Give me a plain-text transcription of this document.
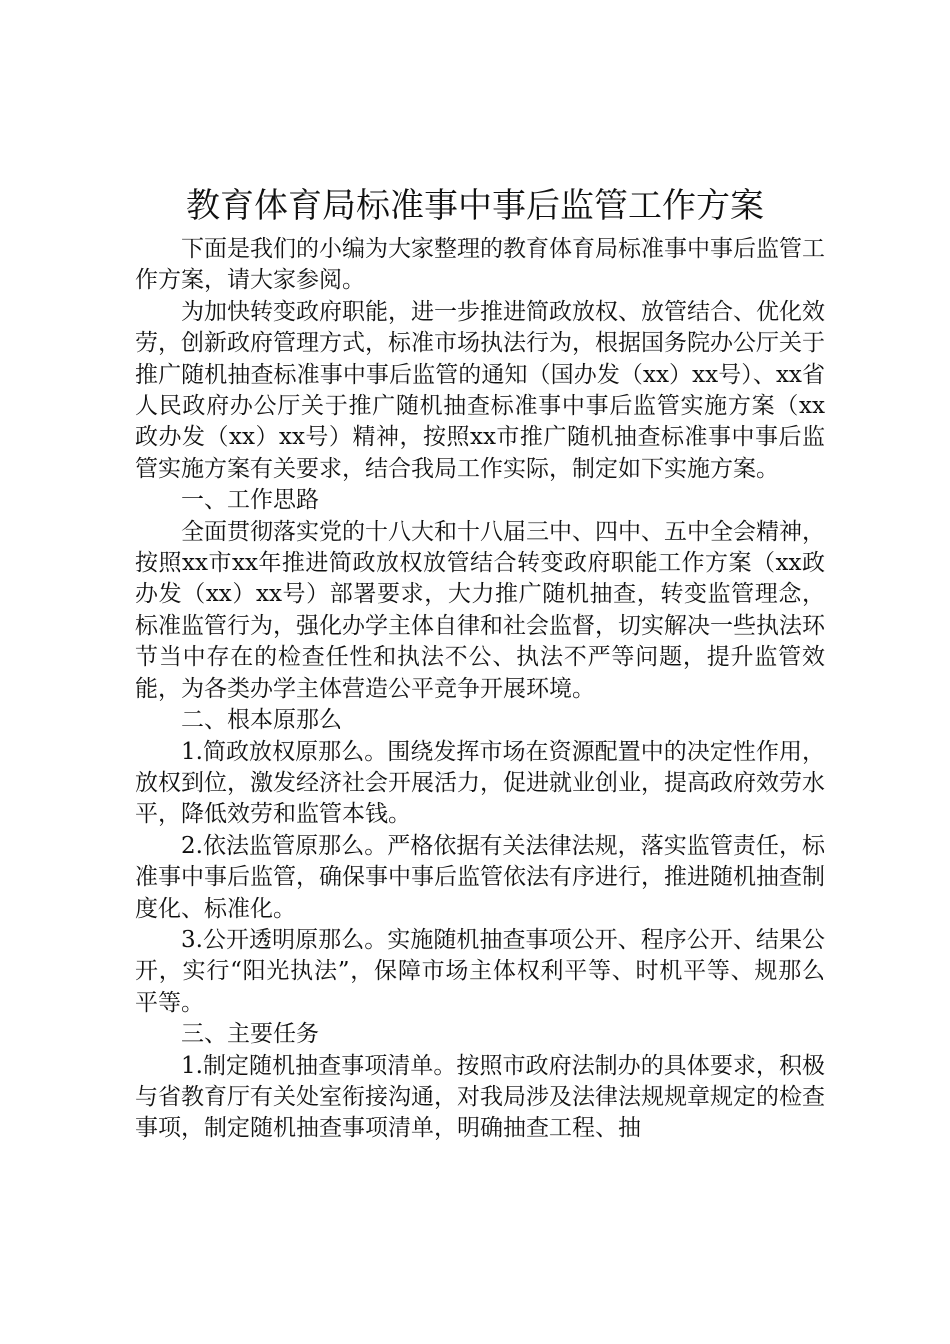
教育体育局标准事中事后监管工作方案

下面是我们的小编为大家整理的教育体育局标准事中事后监管工作方案，请大家参阅。

为加快转变政府职能，进一步推进简政放权、放管结合、优化效劳，创新政府管理方式，标准市场执法行为，根据国务院办公厅关于推广随机抽查标准事中事后监管的通知（国办发（xx）xx号）、xx省人民政府办公厅关于推广随机抽查标准事中事后监管实施方案（xx政办发（xx）xx号）精神，按照xx市推广随机抽查标准事中事后监管实施方案有关要求，结合我局工作实际，制定如下实施方案。

一、工作思路

全面贯彻落实党的十八大和十八届三中、四中、五中全会精神，按照xx市xx年推进简政放权放管结合转变政府职能工作方案（xx政办发（xx）xx号）部署要求，大力推广随机抽查，转变监管理念，标准监管行为，强化办学主体自律和社会监督，切实解决一些执法环节当中存在的检查任性和执法不公、执法不严等问题，提升监管效能，为各类办学主体营造公平竞争开展环境。

二、根本原那么

1.简政放权原那么。围绕发挥市场在资源配置中的决定性作用，放权到位，激发经济社会开展活力，促进就业创业，提高政府效劳水平，降低效劳和监管本钱。

2.依法监管原那么。严格依据有关法律法规，落实监管责任，标准事中事后监管，确保事中事后监管依法有序进行，推进随机抽查制度化、标准化。

3.公开透明原那么。实施随机抽查事项公开、程序公开、结果公开，实行“阳光执法”，保障市场主体权利平等、时机平等、规那么平等。

三、主要任务

1.制定随机抽查事项清单。按照市政府法制办的具体要求，积极与省教育厅有关处室衔接沟通，对我局涉及法律法规规章规定的检查事项，制定随机抽查事项清单，明确抽查工程、抽
